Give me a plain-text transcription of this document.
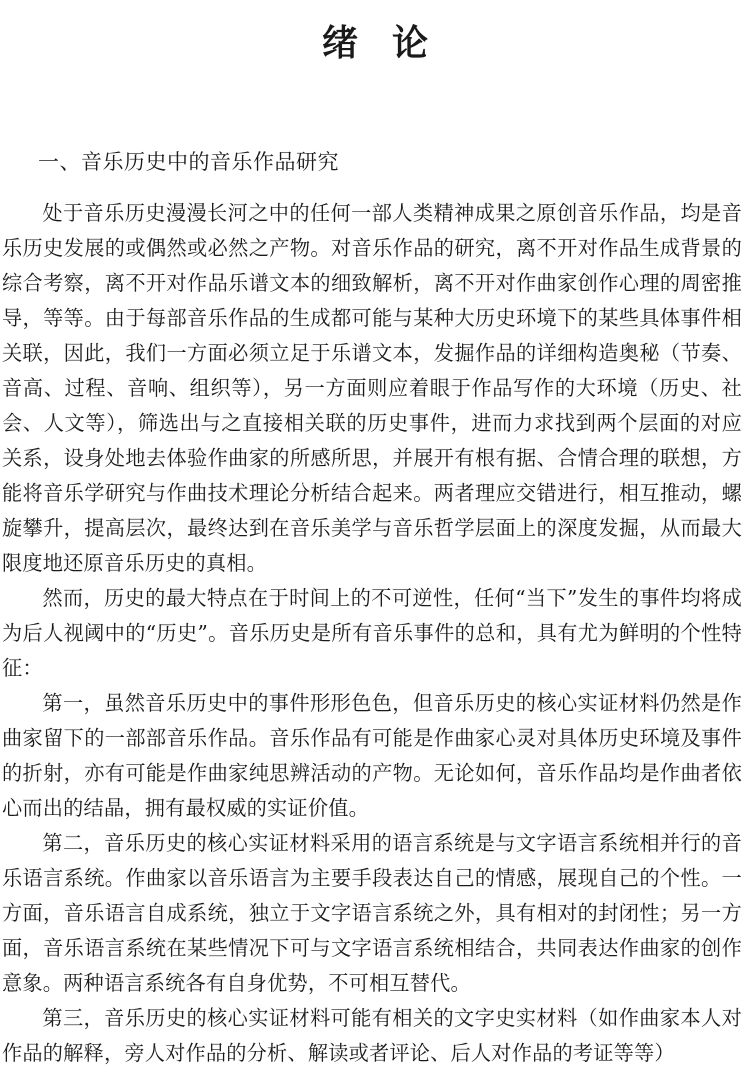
绪论
一、音乐历史中的音乐作品研究

处于音乐历史漫漫长河之中的任何一部人类精神成果之原创音乐作品，均是音乐历史发展的或偶然或必然之产物。对音乐作品的研究，离不开对作品生成背景的综合考察，离不开对作品乐谱文本的细致解析，离不开对作曲家创作心理的周密推导，等等。由于每部音乐作品的生成都可能与某种大历史环境下的某些具体事件相关联，因此，我们一方面必须立足于乐谱文本，发掘作品的详细构造奥秘（节奏、音高、过程、音响、组织等），另一方面则应着眼于作品写作的大环境（历史、社会、人文等），筛选出与之直接相关联的历史事件，进而力求找到两个层面的对应关系，设身处地去体验作曲家的所感所思，并展开有根有据、合情合理的联想，方能将音乐学研究与作曲技术理论分析结合起来。两者理应交错进行，相互推动，螺旋攀升，提高层次，最终达到在音乐美学与音乐哲学层面上的深度发掘，从而最大限度地还原音乐历史的真相。

然而，历史的最大特点在于时间上的不可逆性，任何“当下”发生的事件均将成为后人视阈中的“历史”。音乐历史是所有音乐事件的总和，具有尤为鲜明的个性特征：

第一，虽然音乐历史中的事件形形色色，但音乐历史的核心实证材料仍然是作曲家留下的一部部音乐作品。音乐作品有可能是作曲家心灵对具体历史环境及事件的折射，亦有可能是作曲家纯思辨活动的产物。无论如何，音乐作品均是作曲者依心而出的结晶，拥有最权威的实证价值。

第二，音乐历史的核心实证材料采用的语言系统是与文字语言系统相并行的音乐语言系统。作曲家以音乐语言为主要手段表达自己的情感，展现自己的个性。一方面，音乐语言自成系统，独立于文字语言系统之外，具有相对的封闭性；另一方面，音乐语言系统在某些情况下可与文字语言系统相结合，共同表达作曲家的创作意象。两种语言系统各有自身优势，不可相互替代。

第三，音乐历史的核心实证材料可能有相关的文字史实材料（如作曲家本人对作品的解释，旁人对作品的分析、解读或者评论、后人对作品的考证等等）
